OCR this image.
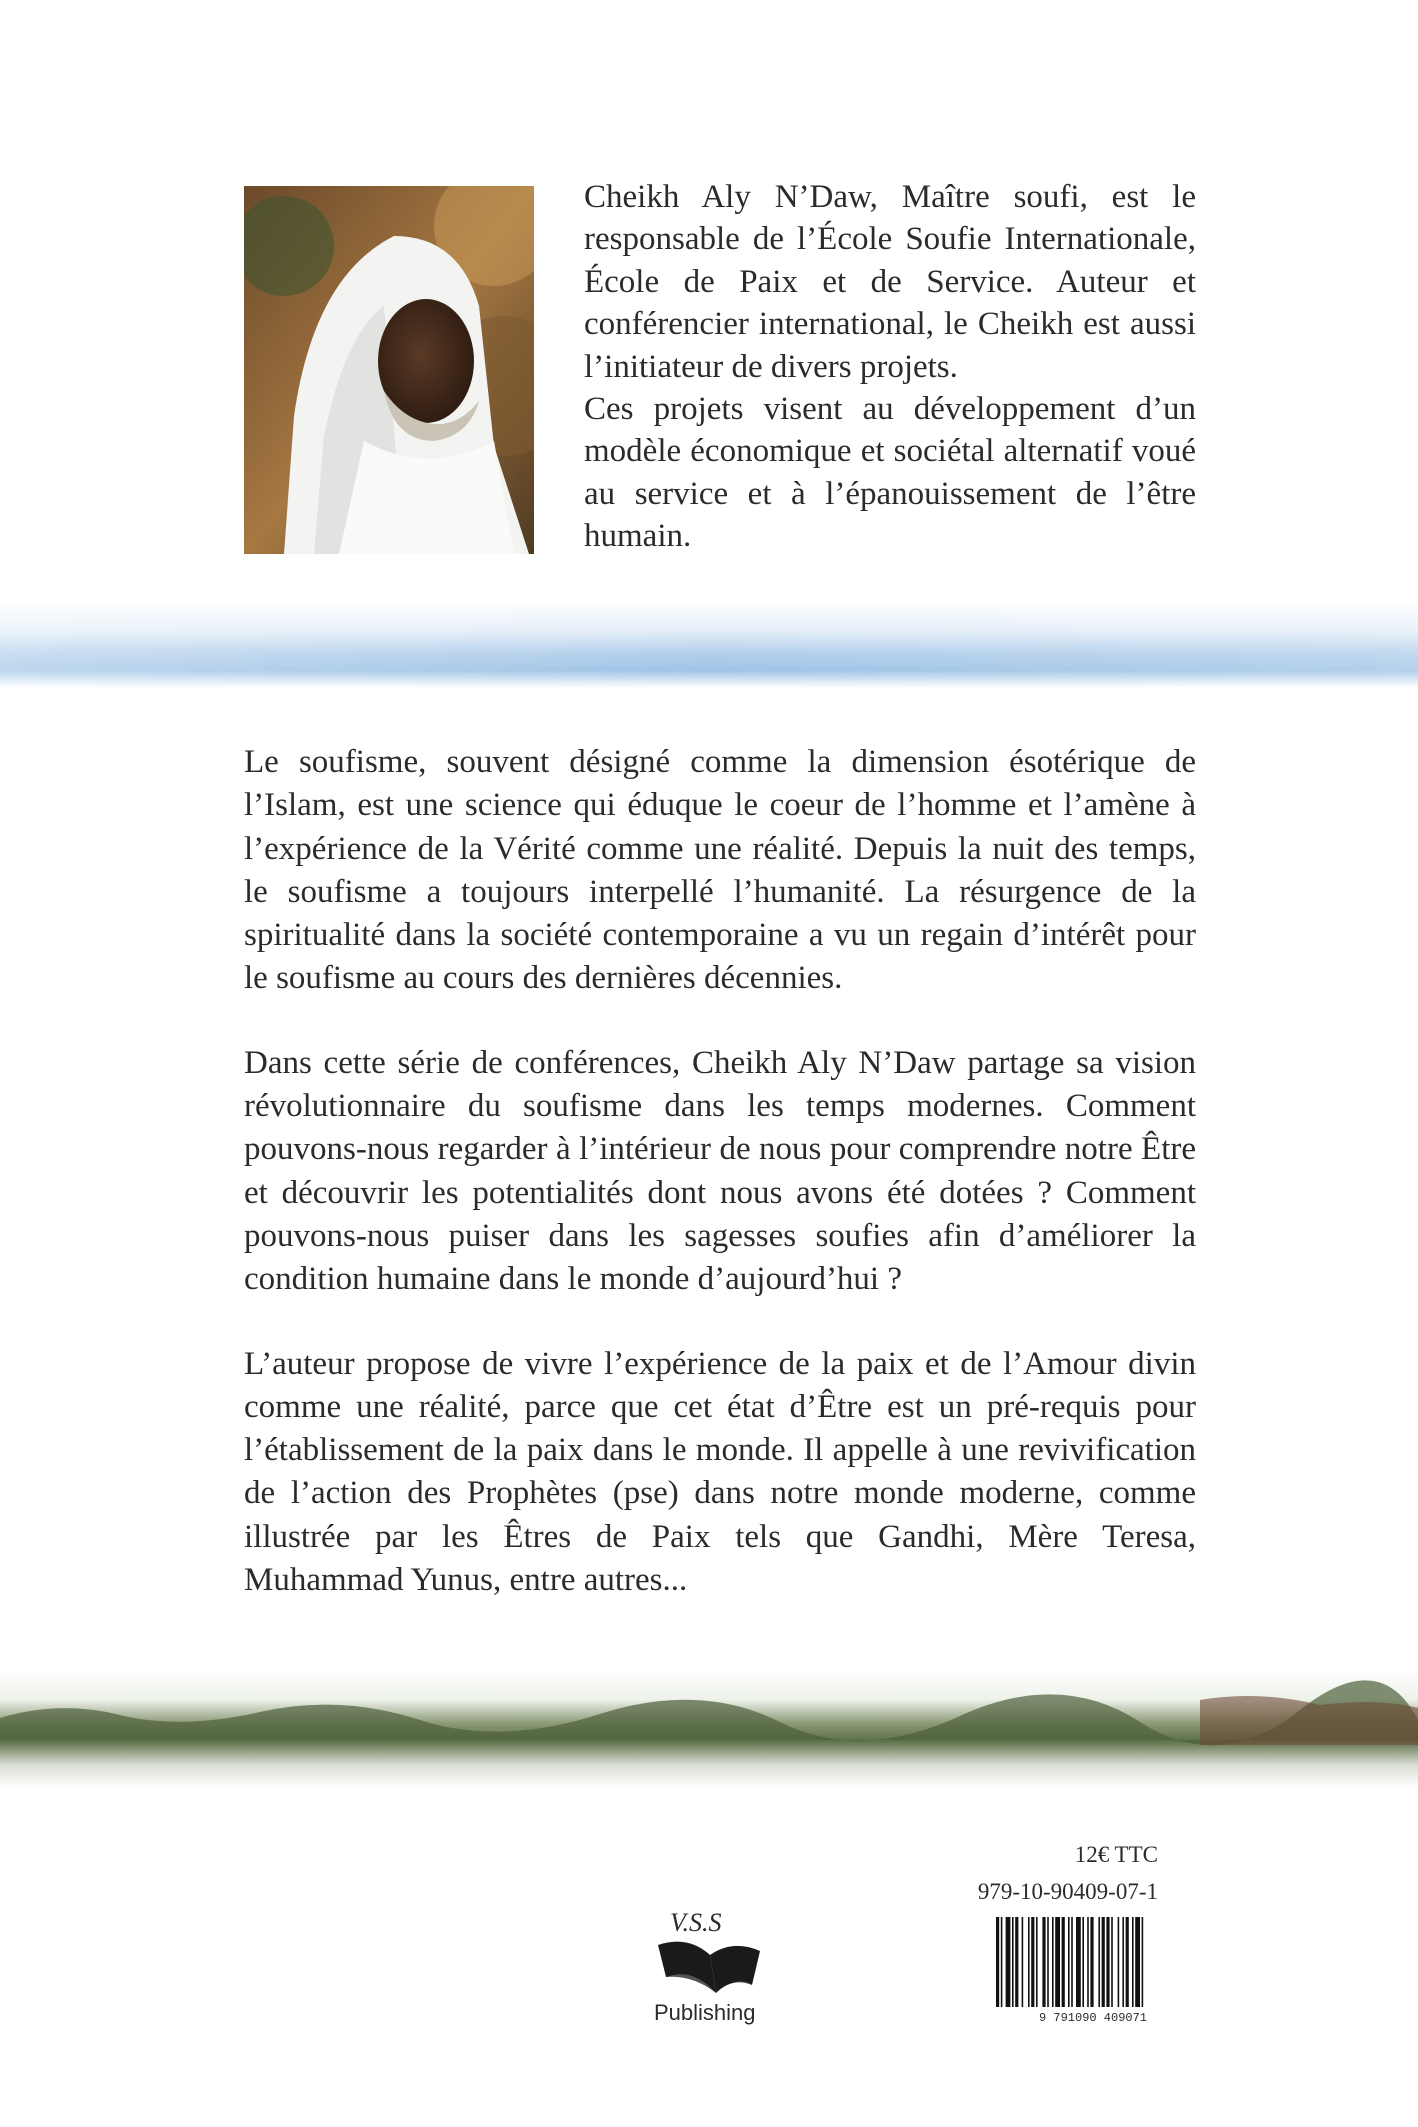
Cheikh Aly N’Daw, Maître soufi, est le responsable de l’École Soufie Internationale, École de Paix et de Service. Auteur et conférencier international, le Cheikh est aussi l’initiateur de divers projets.

Ces projets visent au développement d’un modèle économique et sociétal alternatif voué au service et à l’épanouissement de l’être humain.

Le soufisme, souvent désigné comme la dimension ésotérique de l’Islam, est une science qui éduque le coeur de l’homme et l’amène à l’expérience de la Vérité comme une réalité. Depuis la nuit des temps, le soufisme a toujours interpellé l’humanité. La résurgence de la spiritualité dans la société contemporaine a vu un regain d’intérêt pour le soufisme au cours des dernières décennies.

Dans cette série de conférences, Cheikh Aly N’Daw partage sa vision révolutionnaire du soufisme dans les temps modernes. Comment pouvons-nous regarder à l’intérieur de nous pour comprendre notre Être et découvrir les potentialités dont nous avons été dotées ? Comment pouvons-nous puiser dans les sagesses soufies afin d’améliorer la condition humaine dans le monde d’aujourd’hui ?

L’auteur propose de vivre l’expérience de la paix et de l’Amour divin comme une réalité, parce que cet état d’Être est un pré-requis pour l’établissement de la paix dans le monde. Il appelle à une revivification de l’action des Prophètes (pse) dans notre monde moderne, comme illustrée par les Êtres de Paix tels que Gandhi, Mère Teresa, Muhammad Yunus, entre autres...

V.S.S
Publishing
12€ TTC
979-10-90409-07-1
9 791090 409071
